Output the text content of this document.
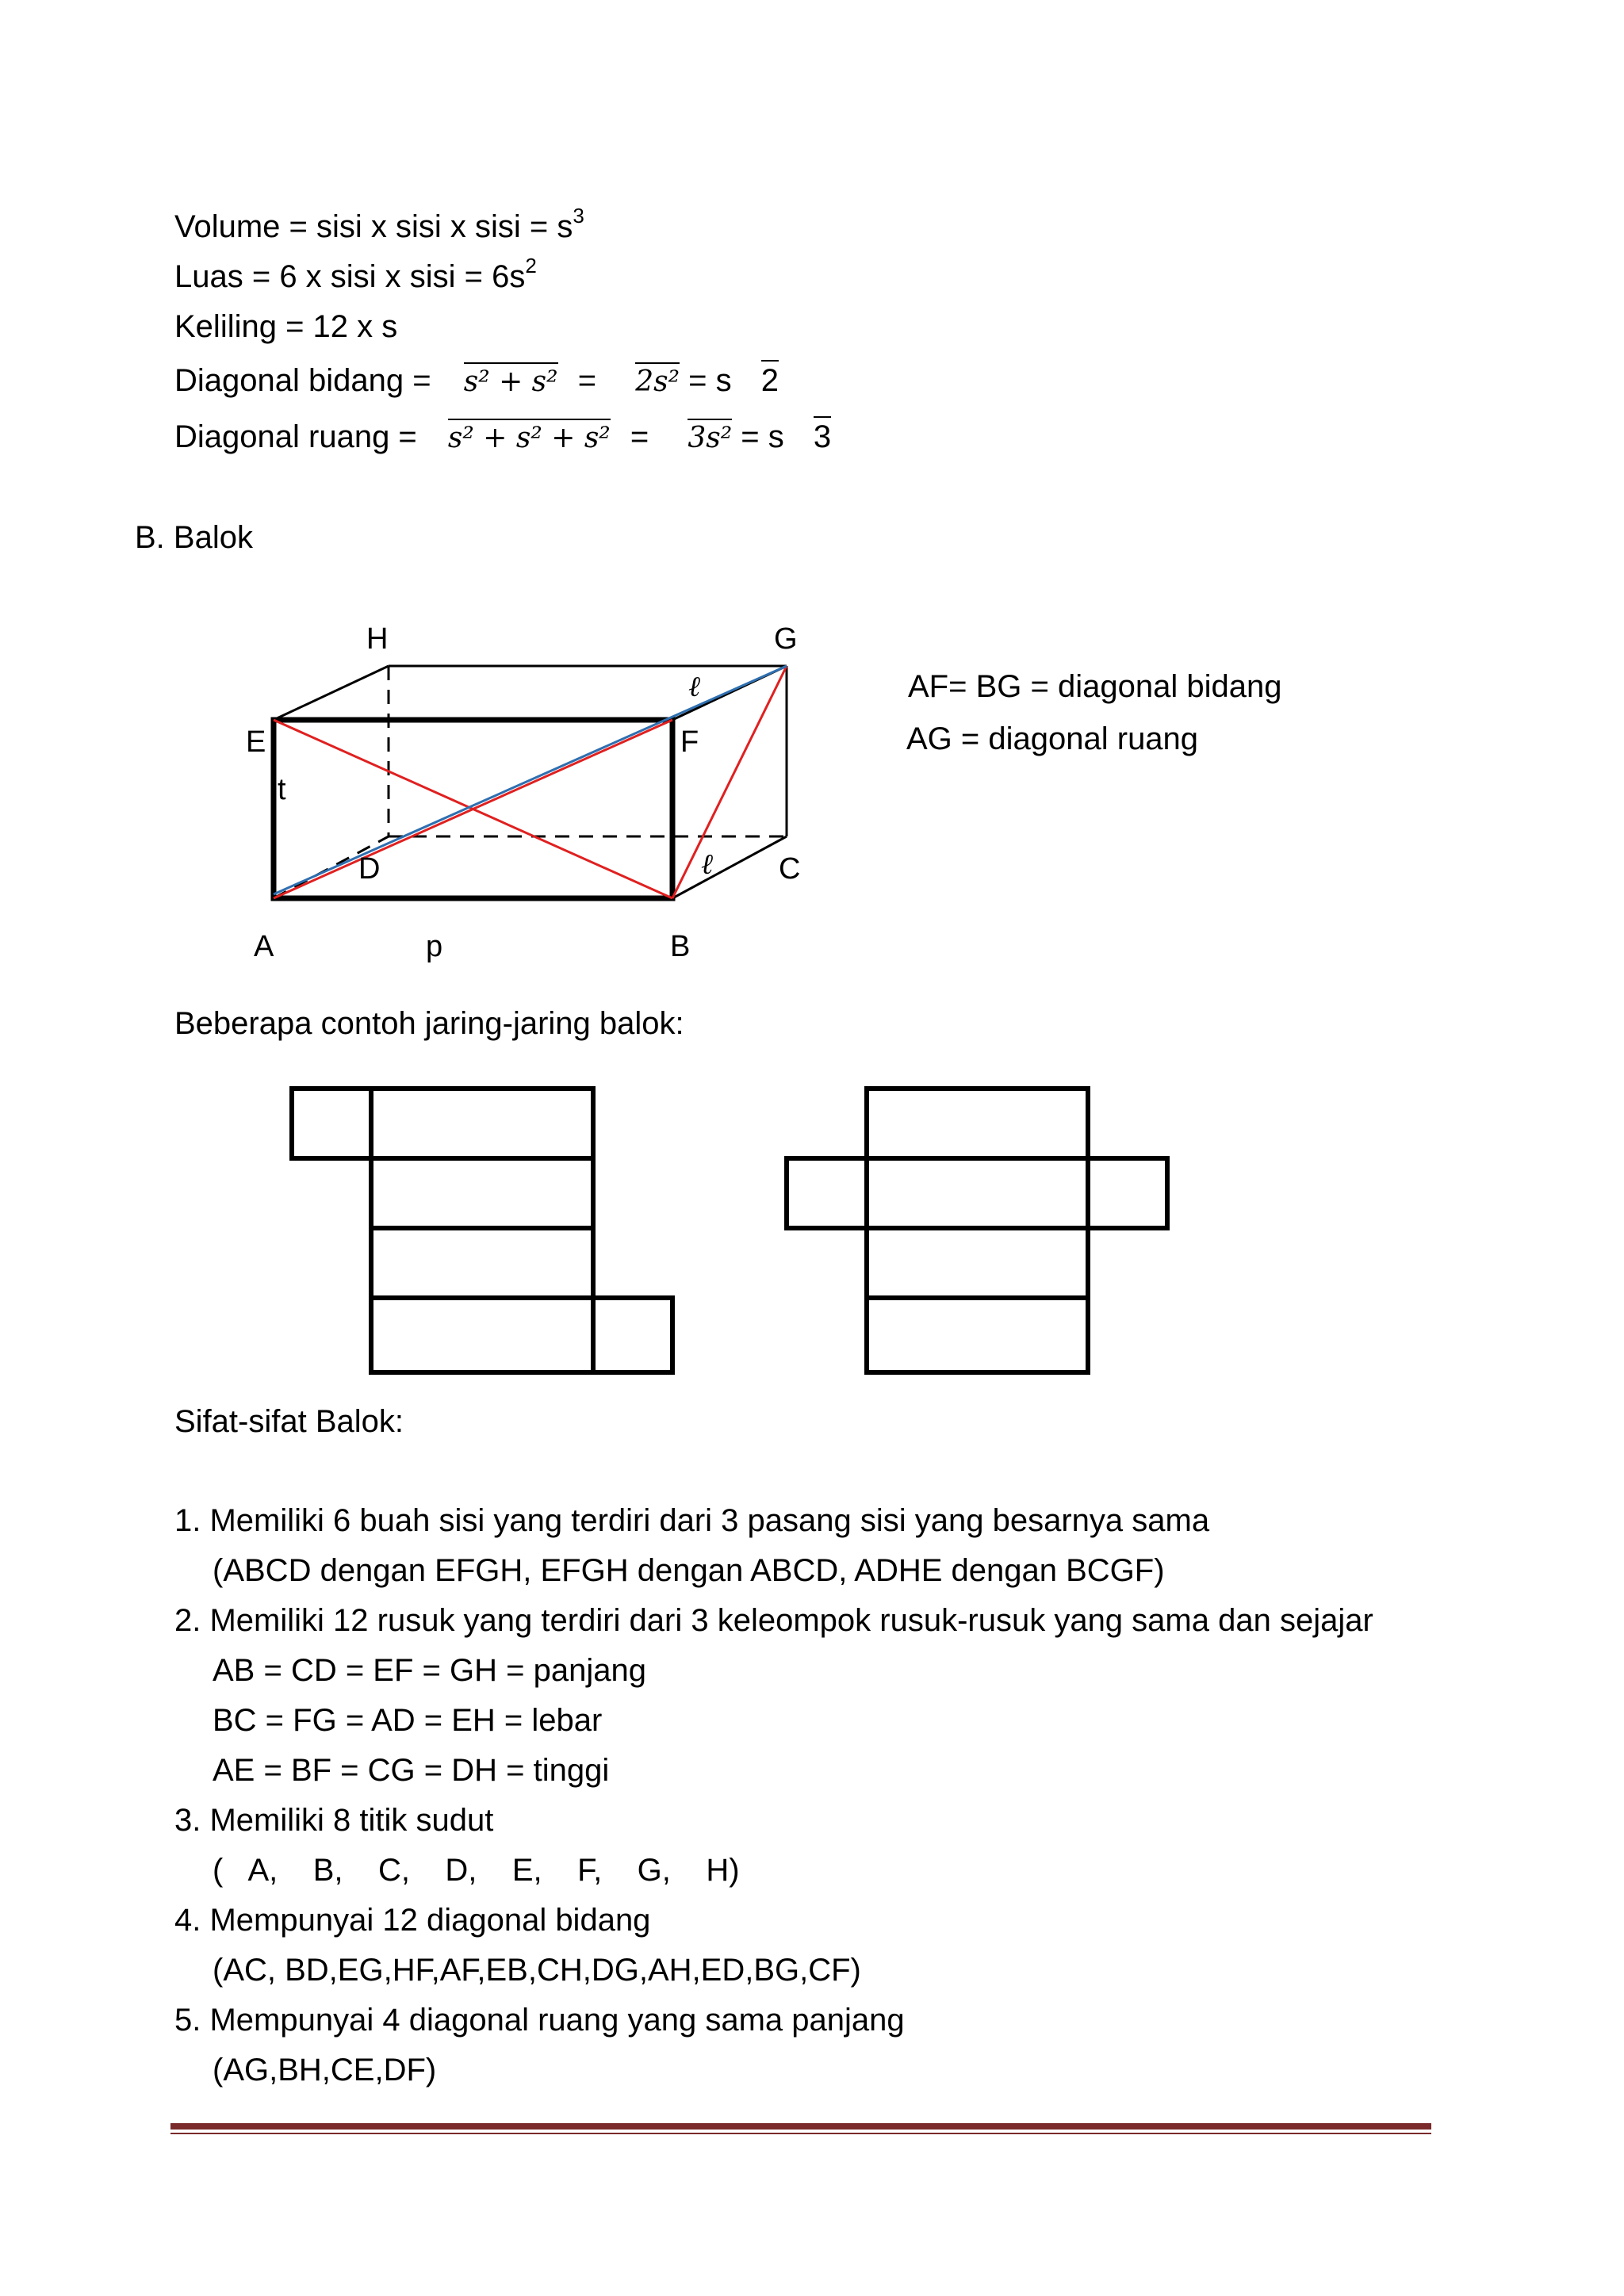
Volume = sisi x sisi x sisi = $s^3$
Luas = 6 x sisi x sisi = $6s^2$
Keliling = 12 x s
Diagonal bidang = s² + s² = 2s² = s 2
Diagonal ruang = s² + s² + s² = 3s² = s 3
B. Balok
H	G
E	F
D	C
A	B
p
t
ℓ
ℓ
AF= BG = diagonal bidang
AG = diagonal ruang
Beberapa contoh jaring-jaring balok:
Sifat-sifat Balok:
1. Memiliki 6 buah sisi yang terdiri dari 3 pasang sisi yang besarnya sama
(ABCD dengan EFGH, EFGH dengan ABCD, ADHE dengan BCGF)
2. Memiliki 12 rusuk yang terdiri dari 3 keleompok rusuk-rusuk yang sama dan sejajar
AB = CD = EF = GH = panjang
BC = FG = AD = EH = lebar
AE = BF = CG = DH = tinggi
3. Memiliki 8 titik sudut
(   A,    B,    C,    D,    E,    F,    G,    H)
4. Mempunyai 12 diagonal bidang
(AC, BD,EG,HF,AF,EB,CH,DG,AH,ED,BG,CF)
5. Mempunyai 4 diagonal ruang yang sama panjang
(AG,BH,CE,DF)
